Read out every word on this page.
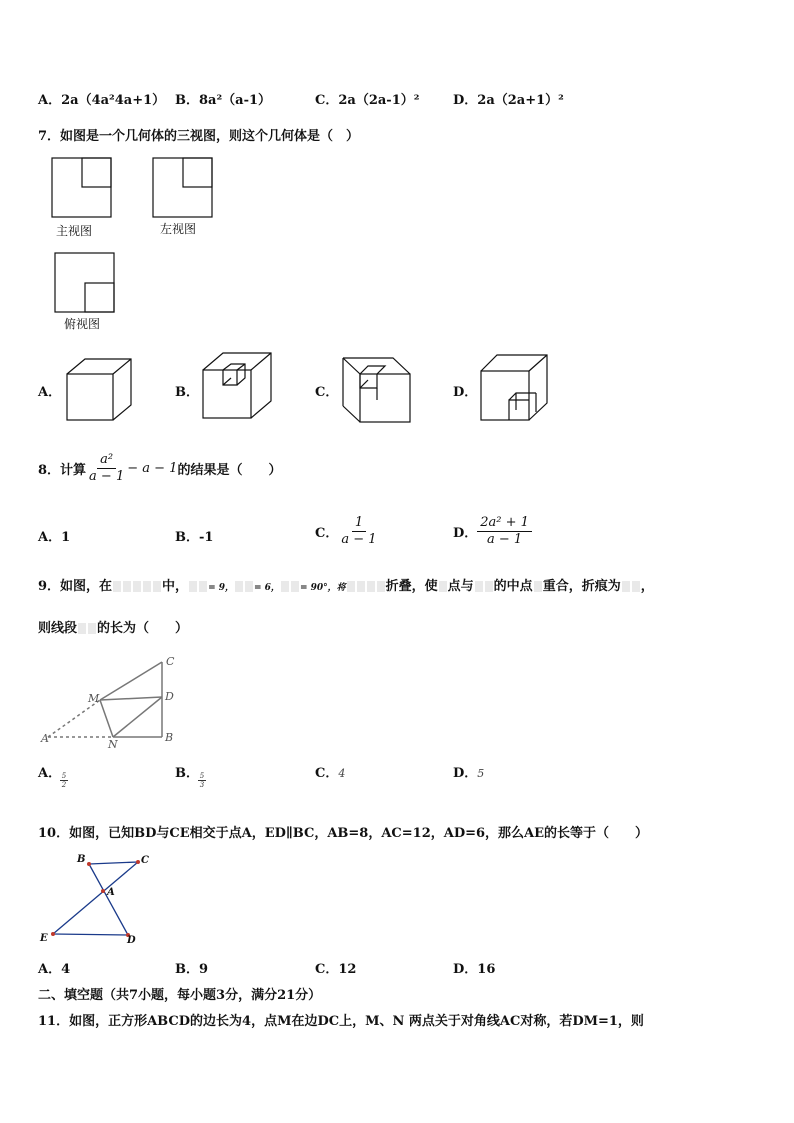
A．2a（4a²4a+1） B．8a²（a-1）	C．2a（2a-1）²	D．2a（2a+1）²
7．如图是一个几何体的三视图，则这个几何体是（　）
主视图	左视图
俯视图
A．	B．	C．	D．
8．计算 $\frac{\text{a²}}{a - 1} - a - 1$ 的结果是（　　）
A．1	B．-1	C． $\frac{1}{a - 1}$	D． $\frac{\text{2a² + 1}}{a - 1}$
9．如图，在	中， = 9， = 6， = 90°，将	折叠，使 点与 的中点 重合，折痕为 ，
则线段 的长为（　　）
C
M	D
A	N
B
A． 5
2
B． 5
3
C．4	D．5
10．如图，已知BD与CE相交于点A，ED∥BC，AB=8，AC=12，AD=6，那么AE的长等于（　　）
B	C
A
E	D
A．4	B．9	C．12	D．16
二、填空题（共7小题，每小题3分，满分21分）
11．如图，正方形ABCD的边长为4，点M在边DC上，M、N 两点关于对角线AC对称，若DM=1，则
